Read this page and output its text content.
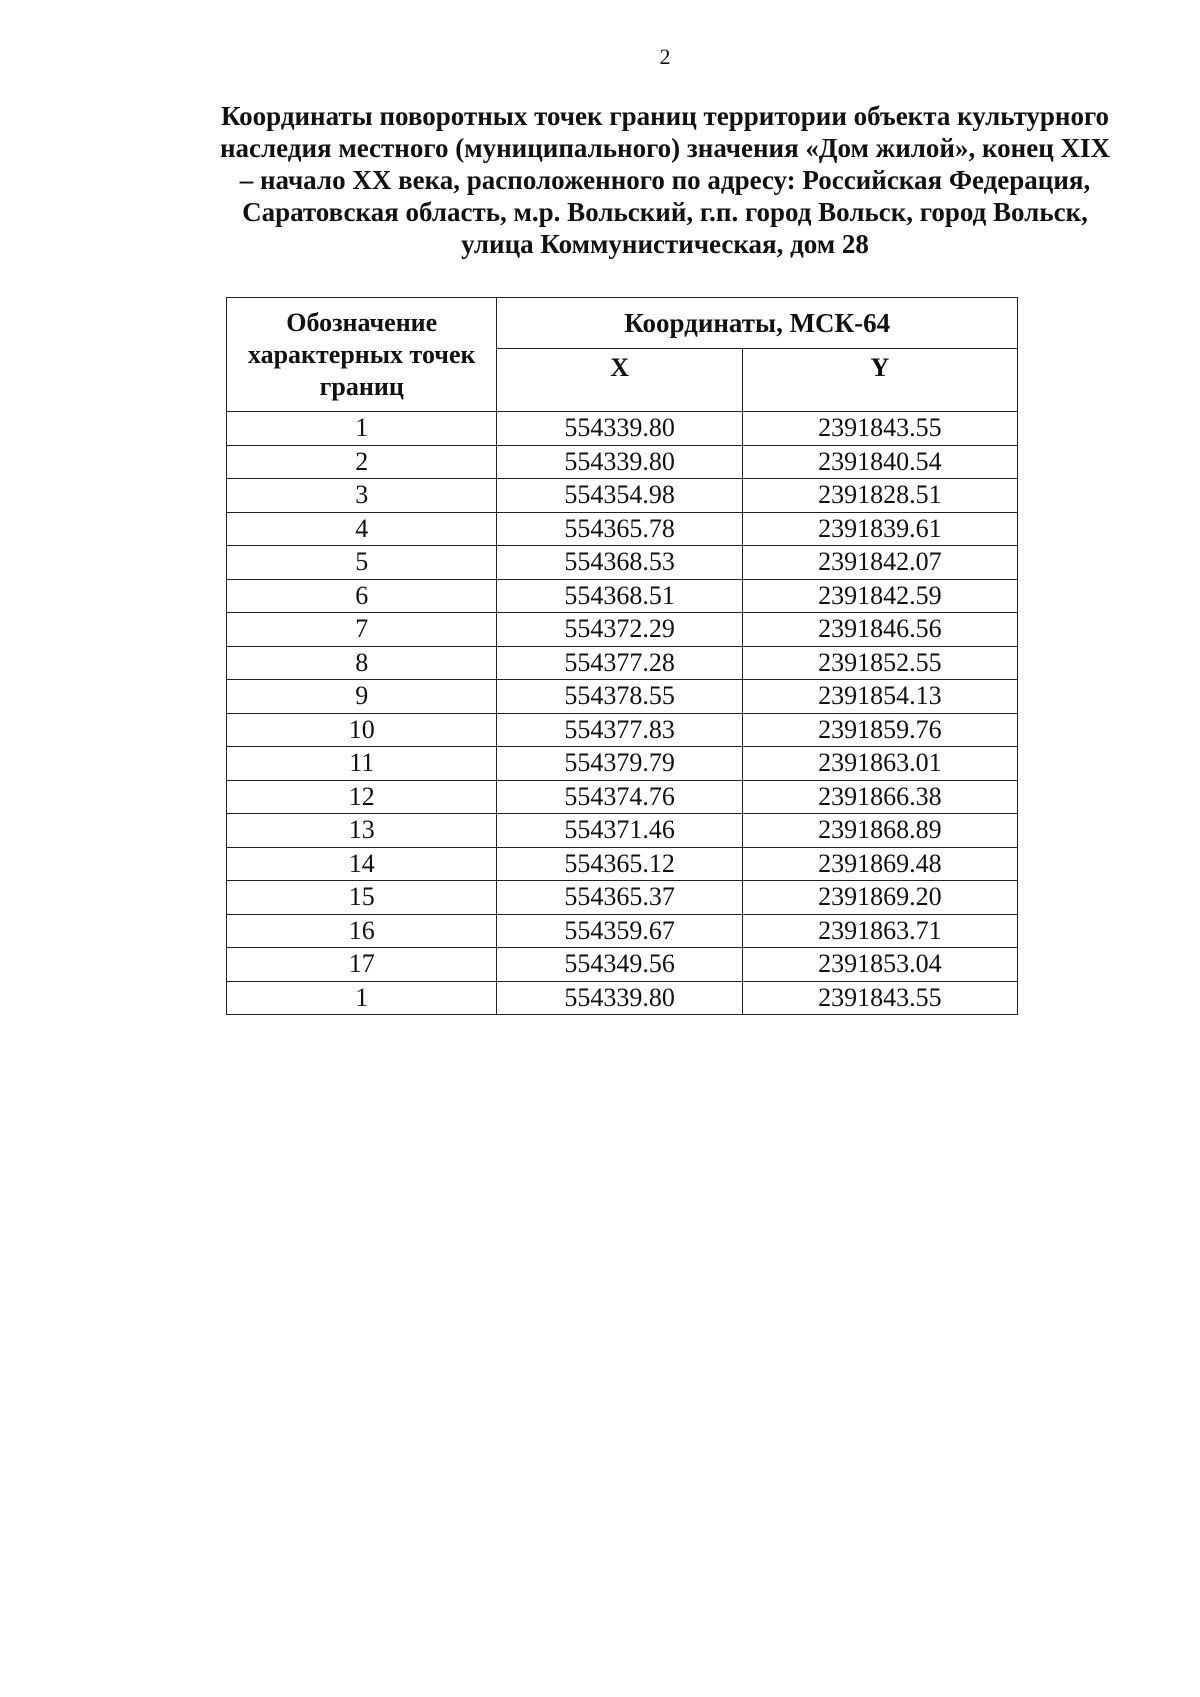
2
Координаты поворотных точек границ территории объекта культурного
наследия местного (муниципального) значения «Дом жилой», конец XIX
– начало XX века, расположенного по адресу: Российская Федерация,
Саратовская область, м.р. Вольский, г.п. город Вольск, город Вольск,
улица Коммунистическая, дом 28
Обозначение характерных точек границ	Координаты, МСК-64	
	X	Y
1	554339.80	2391843.55
2	554339.80	2391840.54
3	554354.98	2391828.51
4	554365.78	2391839.61
5	554368.53	2391842.07
6	554368.51	2391842.59
7	554372.29	2391846.56
8	554377.28	2391852.55
9	554378.55	2391854.13
10	554377.83	2391859.76
11	554379.79	2391863.01
12	554374.76	2391866.38
13	554371.46	2391868.89
14	554365.12	2391869.48
15	554365.37	2391869.20
16	554359.67	2391863.71
17	554349.56	2391853.04
1	554339.80	2391843.55
